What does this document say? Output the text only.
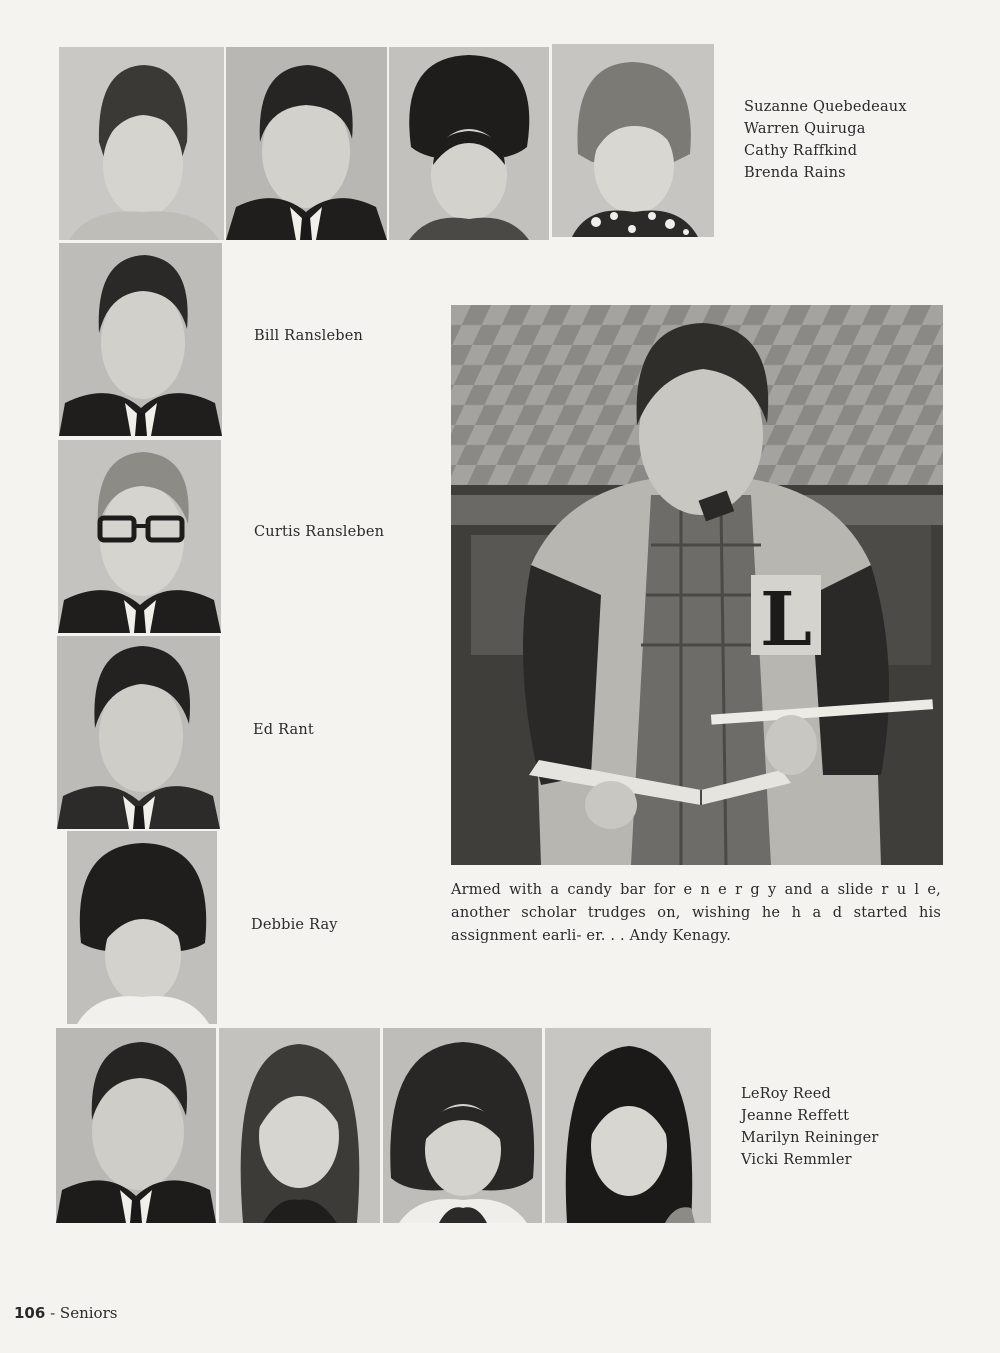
Suzanne Quebedeaux
Warren Quiruga
Cathy Raffkind
Brenda Rains
Bill Ransleben
Curtis Ransleben
Ed Rant
Debbie Ray
L
Armed with a candy bar for e n e r g y and a slide r u l e, another scholar trudges on, wishing he h a d started his assignment earli- er. . . Andy Kenagy.
LeRoy Reed
Jeanne Reffett
Marilyn Reininger
Vicki Remmler
106 - Seniors
